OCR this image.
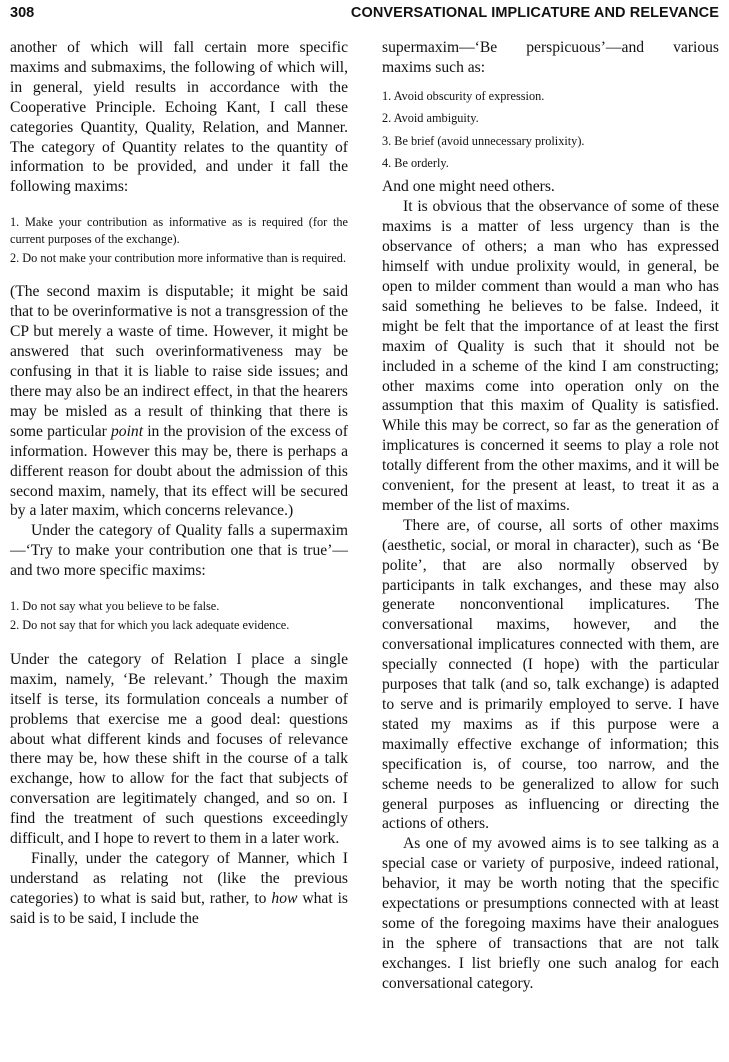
308	CONVERSATIONAL IMPLICATURE AND RELEVANCE

another of which will fall certain more specific maxims and submaxims, the following of which will, in general, yield results in accordance with the Cooperative Principle. Echoing Kant, I call these categories Quantity, Quality, Relation, and Manner. The category of Quantity relates to the quantity of information to be provided, and under it fall the following maxims:

1. Make your contribution as informative as is required (for the current purposes of the exchange).
2. Do not make your contribution more informative than is required.

(The second maxim is disputable; it might be said that to be overinformative is not a transgression of the CP but merely a waste of time. However, it might be answered that such overinformativeness may be confusing in that it is liable to raise side issues; and there may also be an indirect effect, in that the hearers may be misled as a result of thinking that there is some particular point in the provision of the excess of information. However this may be, there is perhaps a different reason for doubt about the admission of this second maxim, namely, that its effect will be secured by a later maxim, which concerns relevance.)

Under the category of Quality falls a supermaxim—‘Try to make your contribution one that is true’—and two more specific maxims:

1. Do not say what you believe to be false.
2. Do not say that for which you lack adequate evidence.

Under the category of Relation I place a single maxim, namely, ‘Be relevant.’ Though the maxim itself is terse, its formulation conceals a number of problems that exercise me a good deal: questions about what different kinds and focuses of relevance there may be, how these shift in the course of a talk exchange, how to allow for the fact that subjects of conversation are legitimately changed, and so on. I find the treatment of such questions exceedingly difficult, and I hope to revert to them in a later work.

Finally, under the category of Manner, which I understand as relating not (like the previous categories) to what is said but, rather, to how what is said is to be said, I include the

supermaxim—‘Be perspicuous’—and various maxims such as:

1. Avoid obscurity of expression.
2. Avoid ambiguity.
3. Be brief (avoid unnecessary prolixity).
4. Be orderly.

And one might need others.

It is obvious that the observance of some of these maxims is a matter of less urgency than is the observance of others; a man who has expressed himself with undue prolixity would, in general, be open to milder comment than would a man who has said something he believes to be false. Indeed, it might be felt that the importance of at least the first maxim of Quality is such that it should not be included in a scheme of the kind I am constructing; other maxims come into operation only on the assumption that this maxim of Quality is satisfied. While this may be correct, so far as the generation of implicatures is concerned it seems to play a role not totally different from the other maxims, and it will be convenient, for the present at least, to treat it as a member of the list of maxims.

There are, of course, all sorts of other maxims (aesthetic, social, or moral in character), such as ‘Be polite’, that are also normally observed by participants in talk exchanges, and these may also generate nonconventional implicatures. The conversational maxims, however, and the conversational implicatures connected with them, are specially connected (I hope) with the particular purposes that talk (and so, talk exchange) is adapted to serve and is primarily employed to serve. I have stated my maxims as if this purpose were a maximally effective exchange of information; this specification is, of course, too narrow, and the scheme needs to be generalized to allow for such general purposes as influencing or directing the actions of others.

As one of my avowed aims is to see talking as a special case or variety of purposive, indeed rational, behavior, it may be worth noting that the specific expectations or presumptions connected with at least some of the foregoing maxims have their analogues in the sphere of transactions that are not talk exchanges. I list briefly one such analog for each conversational category.
